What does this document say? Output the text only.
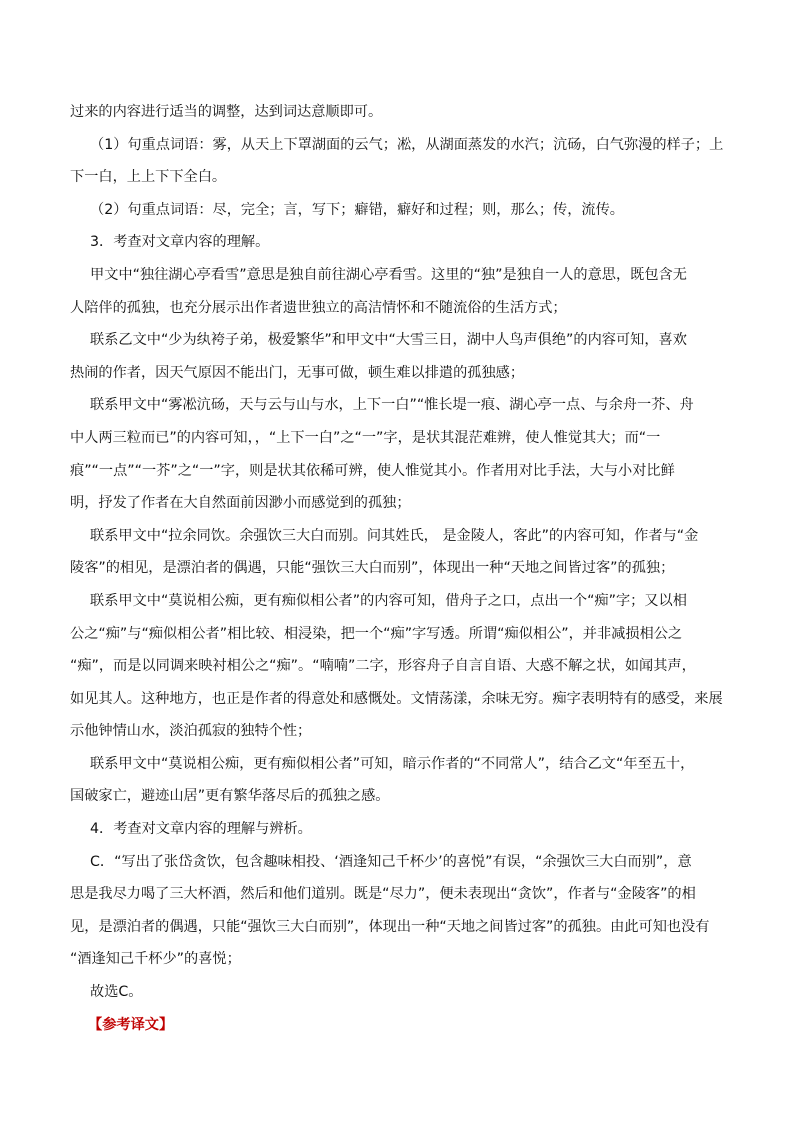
过来的内容进行适当的调整，达到词达意顺即可。

（1）句重点词语：雾，从天上下罩湖面的云气；凇，从湖面蒸发的水汽；沆砀，白气弥漫的样子；上

下一白，上上下下全白。

（2）句重点词语：尽，完全；言，写下；癖错，癖好和过程；则，那么；传，流传。

3．考查对文章内容的理解。

甲文中“独往湖心亭看雪”意思是独自前往湖心亭看雪。这里的“独”是独自一人的意思，既包含无

人陪伴的孤独，也充分展示出作者遗世独立的高洁情怀和不随流俗的生活方式；

联系乙文中“少为纨袴子弟，极爱繁华”和甲文中“大雪三日，湖中人鸟声俱绝”的内容可知，喜欢

热闹的作者，因天气原因不能出门，无事可做，顿生难以排遣的孤独感；

联系甲文中“雾凇沆砀，天与云与山与水，上下一白”“惟长堤一痕、湖心亭一点、与余舟一芥、舟

中人两三粒而已”的内容可知，，“上下一白”之“一”字，是状其混茫难辨，使人惟觉其大；而“一

痕”“一点”“一芥”之“一”字，则是状其依稀可辨，使人惟觉其小。作者用对比手法，大与小对比鲜

明，抒发了作者在大自然面前因渺小而感觉到的孤独；

联系甲文中“拉余同饮。余强饮三大白而别。问其姓氏， 是金陵人，客此”的内容可知，作者与“金

陵客”的相见，是漂泊者的偶遇，只能“强饮三大白而别”，体现出一种“天地之间皆过客”的孤独；

联系甲文中“莫说相公痴，更有痴似相公者”的内容可知，借舟子之口，点出一个“痴”字；又以相

公之“痴”与“痴似相公者”相比较、相浸染，把一个“痴”字写透。所谓“痴似相公”，并非减损相公之

“痴”，而是以同调来映衬相公之“痴”。“喃喃”二字，形容舟子自言自语、大惑不解之状，如闻其声，

如见其人。这种地方，也正是作者的得意处和感慨处。文情荡漾，余味无穷。痴字表明特有的感受，来展

示他钟情山水，淡泊孤寂的独特个性；

联系甲文中“莫说相公痴，更有痴似相公者”可知，暗示作者的“不同常人”，结合乙文“年至五十，

国破家亡，避迹山居”更有繁华落尽后的孤独之感。

4．考查对文章内容的理解与辨析。

C．“写出了张岱贪饮，包含趣味相投、‘酒逢知己千杯少’的喜悦”有误，“余强饮三大白而别”，意

思是我尽力喝了三大杯酒，然后和他们道别。既是“尽力”，便未表现出“贪饮”，作者与“金陵客”的相

见，是漂泊者的偶遇，只能“强饮三大白而别”，体现出一种“天地之间皆过客”的孤独。由此可知也没有

“酒逢知己千杯少”的喜悦；

故选C。

【参考译文】
